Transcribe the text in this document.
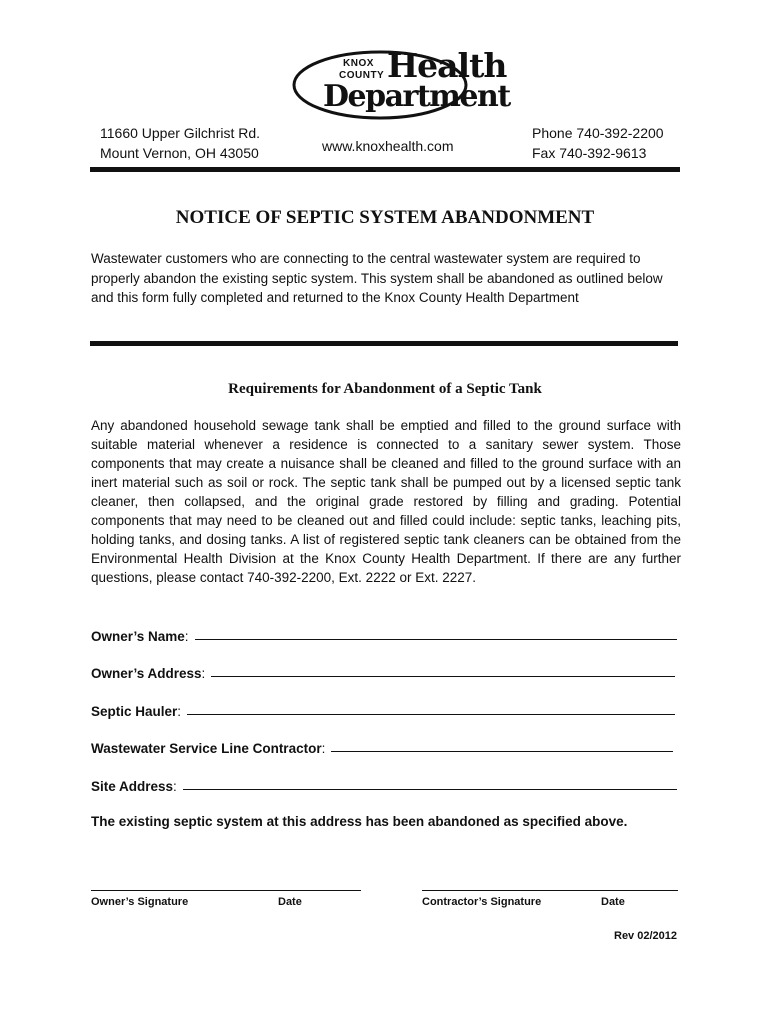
KNOX
COUNTY Health
Department
11660 Upper Gilchrist Rd.
Mount Vernon, OH 43050	www.knoxhealth.com
Phone 740-392-2200
Fax 740-392-9613
NOTICE OF SEPTIC SYSTEM ABANDONMENT
Wastewater customers who are connecting to the central wastewater system are required to properly abandon the existing septic system. This system shall be abandoned as outlined below and this form fully completed and returned to the Knox County Health Department
Requirements for Abandonment of a Septic Tank
Any abandoned household sewage tank shall be emptied and filled to the ground surface with suitable material whenever a residence is connected to a sanitary sewer system. Those components that may create a nuisance shall be cleaned and filled to the ground surface with an inert material such as soil or rock. The septic tank shall be pumped out by a licensed septic tank cleaner, then collapsed, and the original grade restored by filling and grading. Potential components that may need to be cleaned out and filled could include: septic tanks, leaching pits, holding tanks, and dosing tanks. A list of registered septic tank cleaners can be obtained from the Environmental Health Division at the Knox County Health Department. If there are any further questions, please contact 740-392-2200, Ext. 2222 or Ext. 2227.
Owner’s Name :
Owner’s Address :
Septic Hauler :
Wastewater Service Line Contractor :
Site Address :
The existing septic system at this address has been abandoned as specified above.
Owner’s Signature	Date	Contractor’s Signature	Date
Rev 02/2012
